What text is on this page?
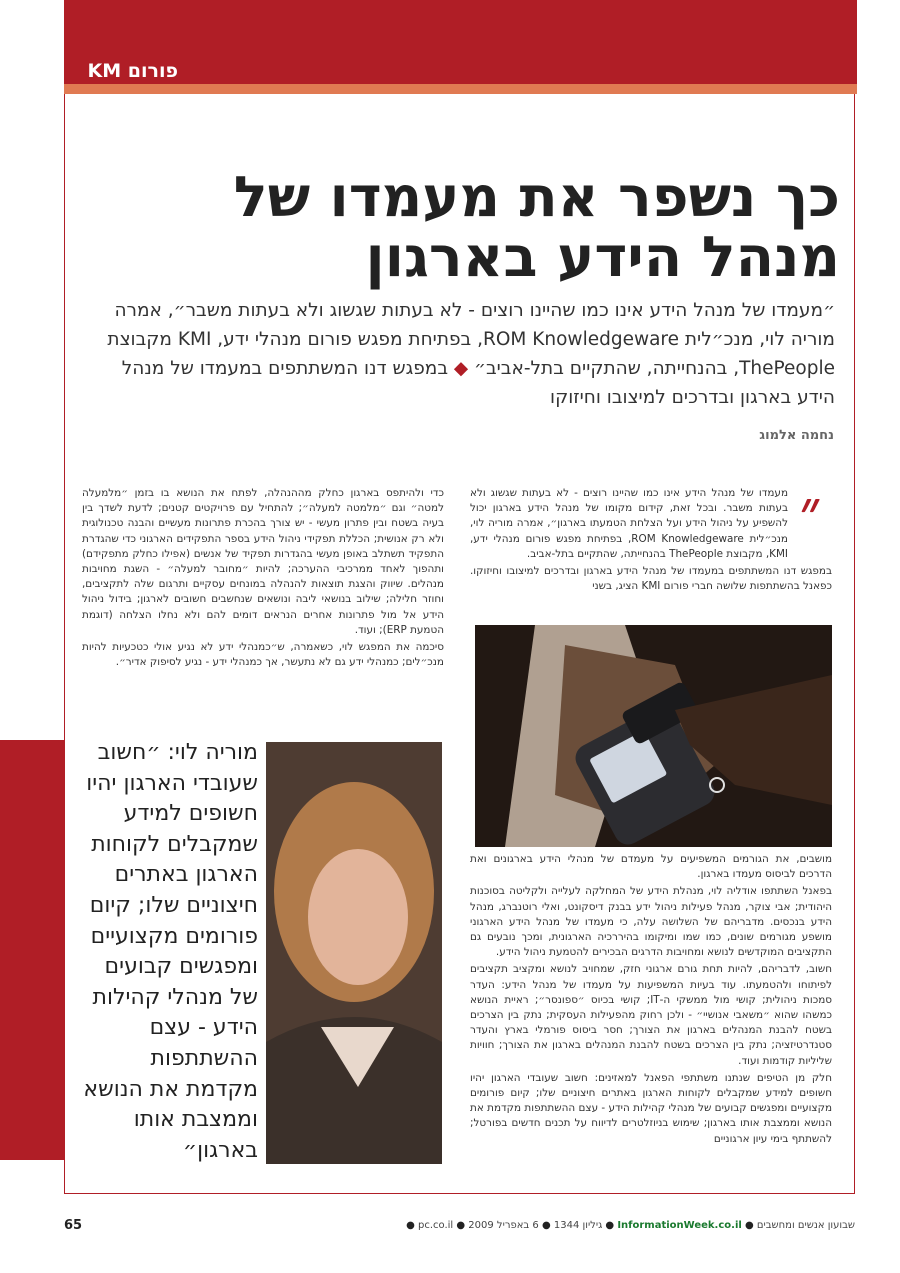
פורום KM
כך נשפר את מעמדו של מנהל הידע בארגון

״מעמדו של מנהל הידע אינו כמו שהיינו רוצים - לא בעתות שגשוג ולא בעתות משבר״, אמרה מוריה לוי, מנכ״לית ROM Knowledgeware, בפתיחת מפגש פורום מנהלי ידע, KMI מקבוצת ThePeople, בהנחייתה, שהתקיים בתל-אביב״ ◆ במפגש דנו המשתתפים במעמדו של מנהל הידע בארגון ובדרכים למיצובו וחיזוקו

נחמה אלמוג
״

מעמדו של מנהל הידע אינו כמו שהיינו רוצים - לא בעתות שגשוג ולא בעתות משבר. ובכל זאת, קידום מקומו של מנהל הידע בארגון יכול להשפיע על ניהול הידע ועל הצלחת הטמעתו בארגון״, אמרה מוריה לוי, מנכ״לית ROM Knowledgeware, בפתיחת מפגש פורום מנהלי ידע, KMI, מקבוצת ThePeople בהנחייתה, שהתקיים בתל-אביב.

במפגש דנו המשתתפים במעמדו של מנהל הידע בארגון ובדרכים למיצובו וחיזוקו. כפאנל בהשתתפות שלושה חברי פורום KMI הציג, בשני

כדי ולהיתפס בארגון כחלק מההנהלה, לפתח את הנושא בו בזמן ״מלמעלה למטה״ וגם ״מלמטה למעלה״; להתחיל עם פרויקטים קטנים; לדעת לשדך בין בעיה בשטח ובין פתרון מעשי - יש צורך בהכרת פתרונות מעשיים והבנה טכנולוגית ולא רק אנושית; הכללת תפקידי ניהול הידע בספר התפקידים הארגוני כדי שהגדרת התפקיד תשתלב באופן מעשי בהגדרות תפקיד של אנשים (אפילו כחלק מתפקידם) ותהפוך לאחד ממרכיבי ההערכה; להיות ״מחובר למעלה״ - השגת מחויבות מנהלים. שיווק והצגת תוצאות להנהלה במונחים עסקיים ותרגום שלה לתקציבים, וחוזר חלילה; שילוב בנושאי ליבה ונושאים שנחשבים חשובים לארגון; בידול ניהול הידע אל מול פתרונות אחרים הנראים דומים להם ולא נחלו הצלחה (דוגמת הטמעת ERP); ועוד.

סיכמה את המפגש לוי, כשאמרה, ש״כמנהלי ידע לא נגיע אולי כטכעיות להיות מנכ״לים; כמנהלי ידע גם לא נתעשר, אך כמנהלי ידע - נגיע לסיפוק אדיר״.

מושבים, את הגורמים המשפיעים על מעמדם של מנהלי הידע בארגונים ואת הדרכים לביסוס מעמדו בארגון.

בפאנל השתתפו אודליה לוי, מנהלת הידע של המחלקה לעלייה ולקליטה בסוכנות היהודית; אבי צוקר, מנהל פעילות ניהול ידע בבנק דיסקונט, ואלי רוטנברג, מנהל הידע בנכסים. מדבריהם של השלושה עלה, כי מעמדו של מנהל הידע הארגוני מושפע מגורמים שונים, כמו שמו ומיקומו בהיררכיה הארגונית, ומכך נובעים גם התקציבים המוקדשים לנושא ומחויבות הדרגים הבכירים להטמעת ניהול הידע.

חשוב, לדבריהם, להיות תחת גורם ארגוני חזק, שמחויב לנושא ומקציב תקציבים לפיתוחו ולהטמעתו. עוד בעיות המשפיעות על מעמדו של מנהל הידע: העדר סמכות ניהולית; קושי מול ממשקי ה-IT; קושי בכיוס ״ספונסר״; ראיית הנושא כמשהו שהוא ״משאבי אנושיי״ - ולכן רחוק מהפעילות העסקית; נתק בין הצרכים בשטח להבנת המנהלים בארגון את הצורך; חסר ביסוס פורמלי בארץ והעדר סטנדרטיזציה; נתק בין הצרכים בשטח להבנת המנהלים בארגון את הצורך; חוויות שליליות קודמות ועוד.

חלק מן הטיפים שנתנו משתתפי הפאנל למאזינים: חשוב שעובדי הארגון יהיו חשופים למידע שמקבלים לקוחות הארגון באתרים חיצוניים שלו; קיום פורומים מקצועיים ומפגשים קבועים של מנהלי קהילות הידע - עצם ההשתתפות מקדמת את הנושא וממצבת אותו בארגון; שימוש בניוזלטרים לדיווח על תכנים חדשים בפורטל; להשתתף בימי עיון ארגוניים

מוריה לוי: ״חשוב שעובדי הארגון יהיו חשופים למידע שמקבלים לקוחות הארגון באתרים חיצוניים שלו; קיום פורומים מקצועיים ומפגשים קבועים של מנהלי קהילות הידע - עצם ההשתתפות מקדמת את הנושא וממצבת אותו בארגון״

65	שבועון אנשים ומחשבים ● InformationWeek.co.il ● גיליון 1344 ● 6 באפריל 2009 ● pc.co.il ●
